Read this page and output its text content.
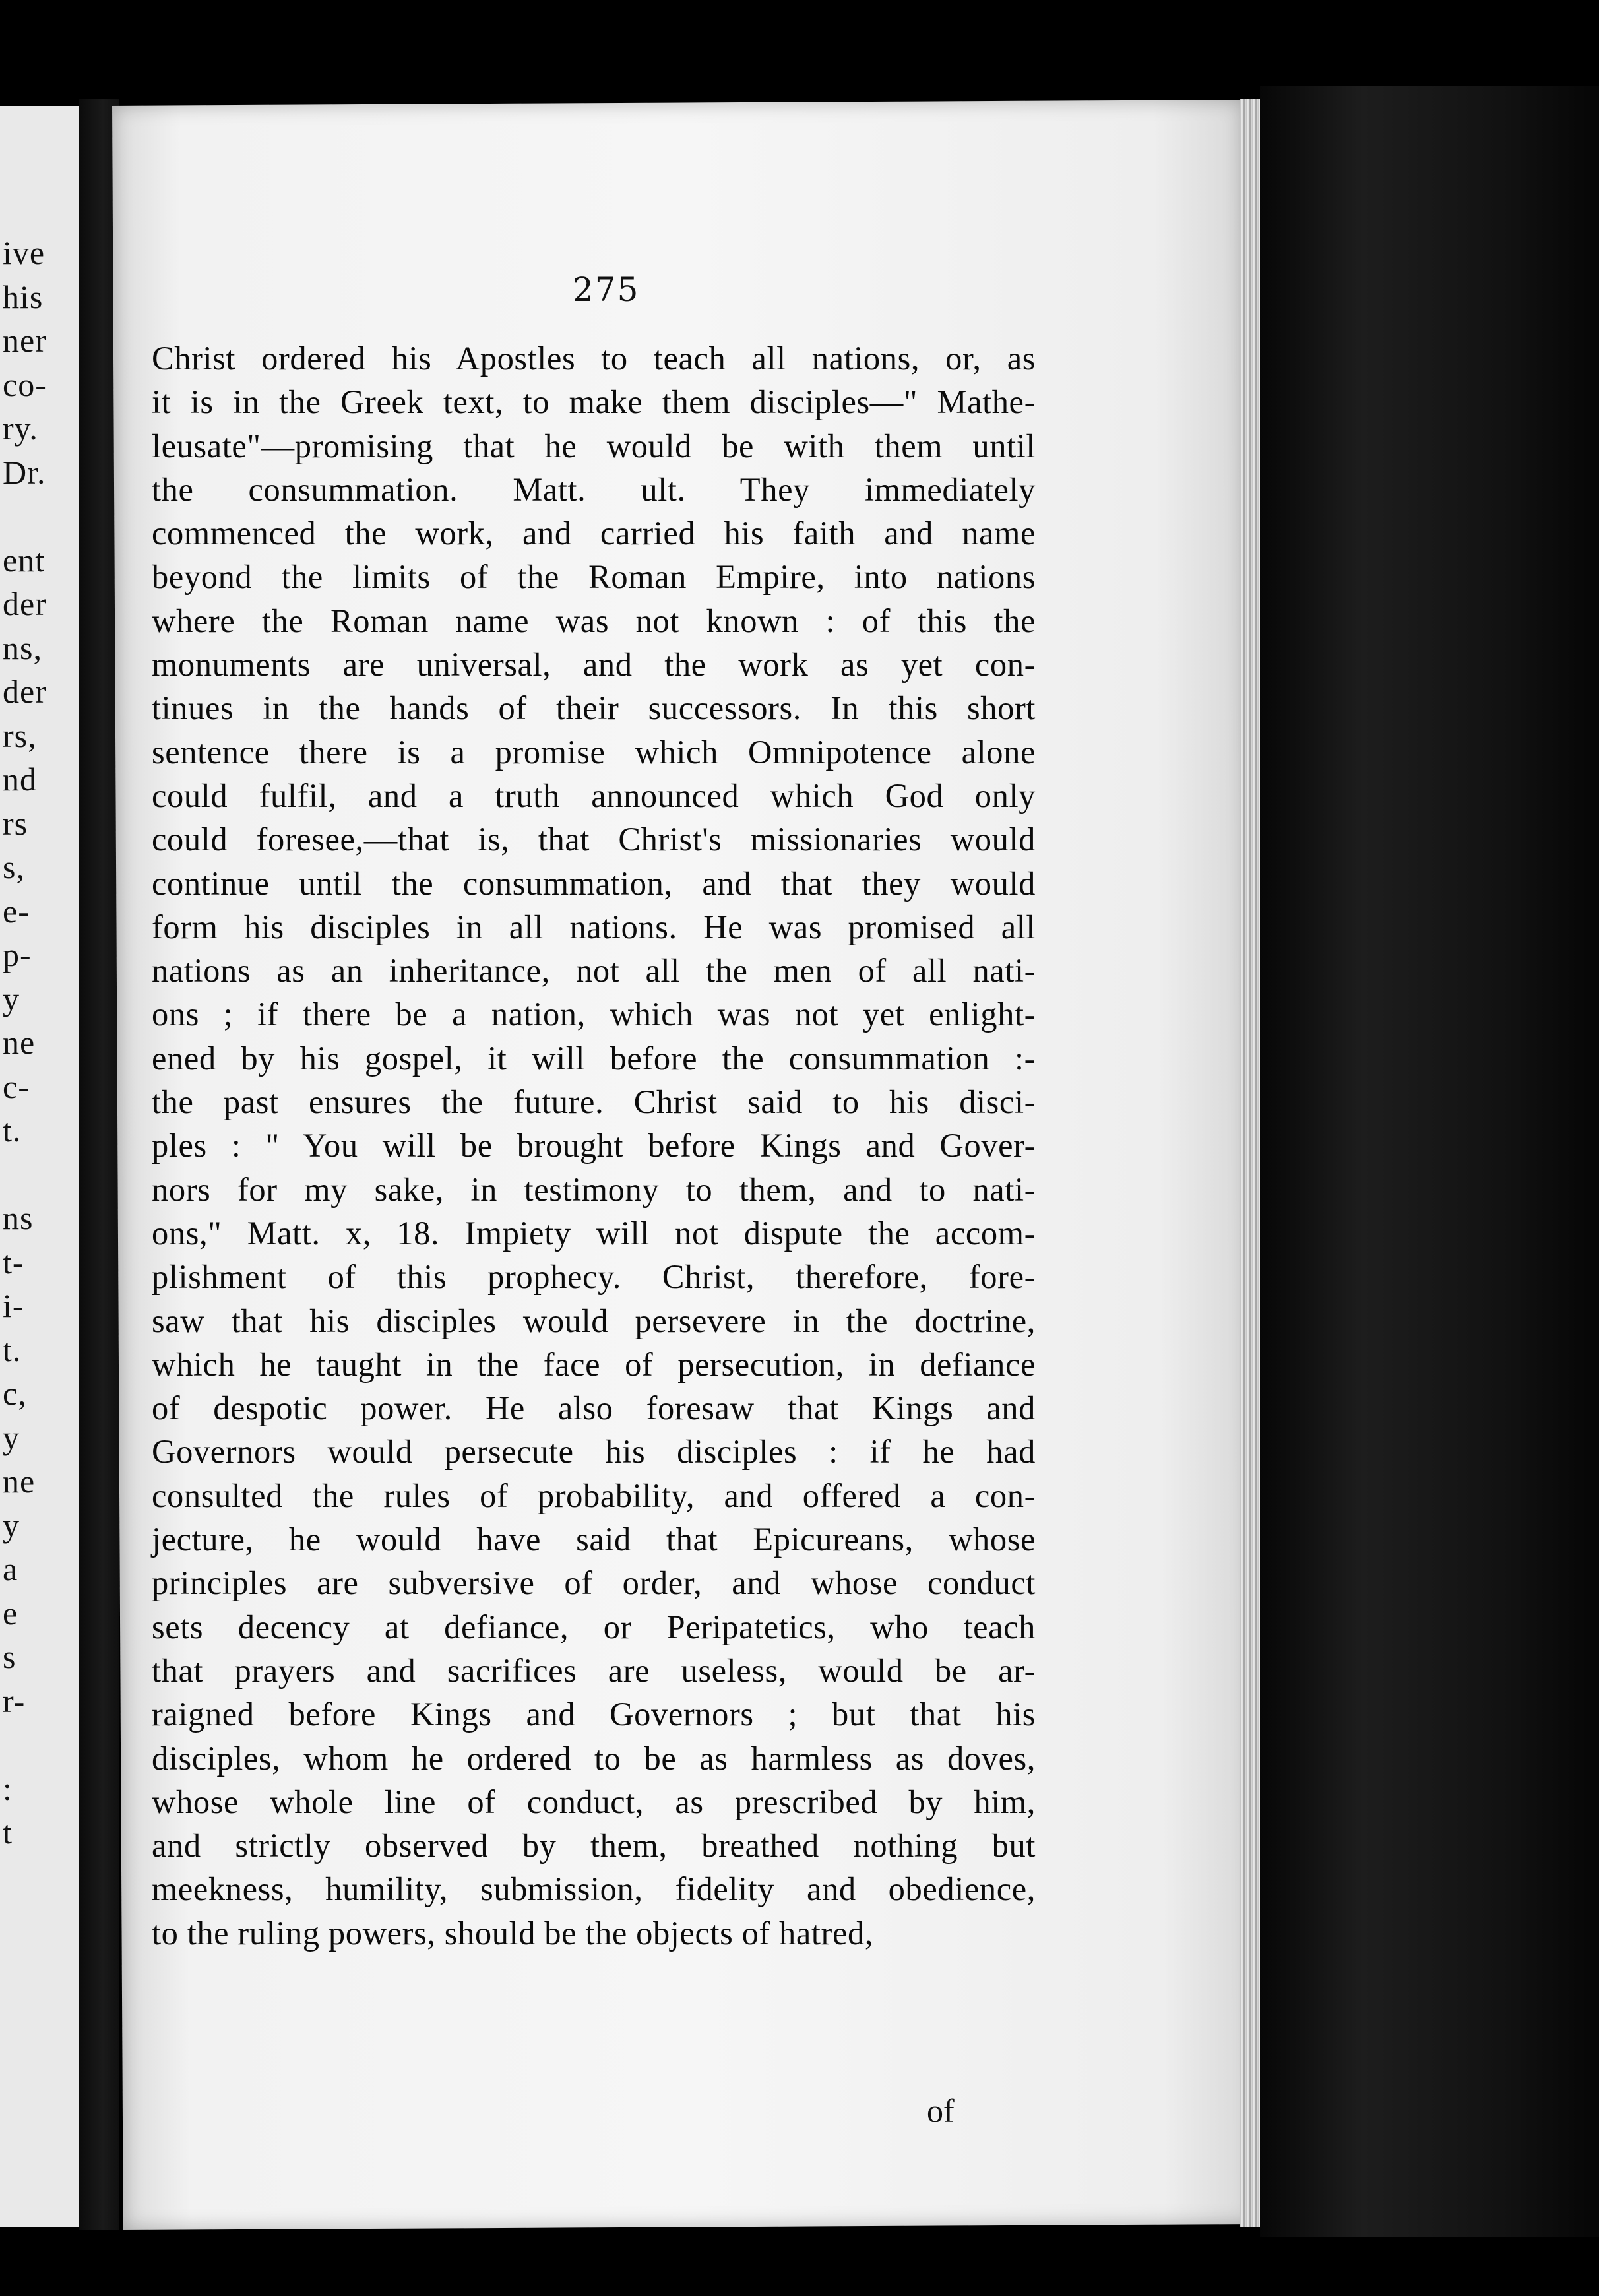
ive
his
ner
co-
ry.
Dr.
ent
der
ns,
der
rs,
nd
rs
s,
e-
p-
y
ne
c-
t.
ns
t-
i-
t.
c,
y
ne
y
a
e
s
r-
:
t
275
Christ ordered his Apostles to teach all nations, or, as
it is in the Greek text, to make them disciples—" Mathe-
leusate"—promising that he would be with them until
the consummation. Matt. ult. They immediately
commenced the work, and carried his faith and name
beyond the limits of the Roman Empire, into nations
where the Roman name was not known : of this the
monuments are universal, and the work as yet con-
tinues in the hands of their successors. In this short
sentence there is a promise which Omnipotence alone
could fulfil, and a truth announced which God only
could foresee,—that is, that Christ's missionaries would
continue until the consummation, and that they would
form his disciples in all nations. He was promised all
nations as an inheritance, not all the men of all nati-
ons ; if there be a nation, which was not yet enlight-
ened by his gospel, it will before the consummation :-
the past ensures the future. Christ said to his disci-
ples : " You will be brought before Kings and Gover-
nors for my sake, in testimony to them, and to nati-
ons," Matt. x, 18. Impiety will not dispute the accom-
plishment of this prophecy. Christ, therefore, fore-
saw that his disciples would persevere in the doctrine,
which he taught in the face of persecution, in defiance
of despotic power. He also foresaw that Kings and
Governors would persecute his disciples : if he had
consulted the rules of probability, and offered a con-
jecture, he would have said that Epicureans, whose
principles are subversive of order, and whose conduct
sets decency at defiance, or Peripatetics, who teach
that prayers and sacrifices are useless, would be ar-
raigned before Kings and Governors ; but that his
disciples, whom he ordered to be as harmless as doves,
whose whole line of conduct, as prescribed by him,
and strictly observed by them, breathed nothing but
meekness, humility, submission, fidelity and obedience,
to the ruling powers, should be the objects of hatred,
of
